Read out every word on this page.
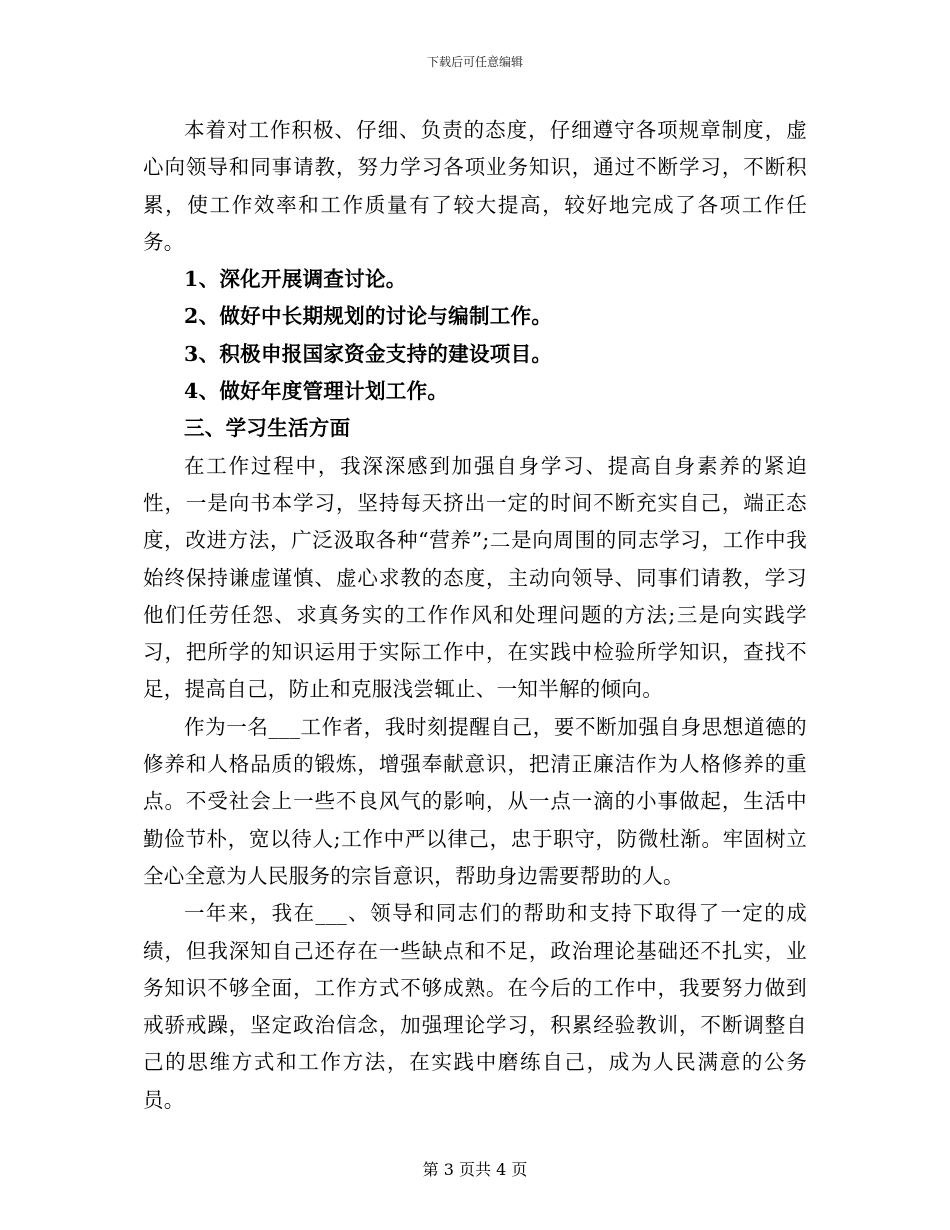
下载后可任意编辑

本着对工作积极、仔细、负责的态度，仔细遵守各项规章制度，虚心向领导和同事请教，努力学习各项业务知识，通过不断学习，不断积累，使工作效率和工作质量有了较大提高，较好地完成了各项工作任务。

1、深化开展调查讨论。

2、做好中长期规划的讨论与编制工作。

3、积极申报国家资金支持的建设项目。

4、做好年度管理计划工作。

三、学习生活方面

在工作过程中，我深深感到加强自身学习、提高自身素养的紧迫性，一是向书本学习，坚持每天挤出一定的时间不断充实自己，端正态度，改进方法，广泛汲取各种“营养”;二是向周围的同志学习，工作中我始终保持谦虚谨慎、虚心求教的态度，主动向领导、同事们请教，学习他们任劳任怨、求真务实的工作作风和处理问题的方法;三是向实践学习，把所学的知识运用于实际工作中，在实践中检验所学知识，查找不足，提高自己，防止和克服浅尝辄止、一知半解的倾向。

作为一名___工作者，我时刻提醒自己，要不断加强自身思想道德的修养和人格品质的锻炼，增强奉献意识，把清正廉洁作为人格修养的重点。不受社会上一些不良风气的影响，从一点一滴的小事做起，生活中勤俭节朴，宽以待人;工作中严以律己，忠于职守，防微杜渐。牢固树立全心全意为人民服务的宗旨意识，帮助身边需要帮助的人。

一年来，我在___、领导和同志们的帮助和支持下取得了一定的成绩，但我深知自己还存在一些缺点和不足，政治理论基础还不扎实，业务知识不够全面，工作方式不够成熟。在今后的工作中，我要努力做到戒骄戒躁，坚定政治信念，加强理论学习，积累经验教训，不断调整自己的思维方式和工作方法，在实践中磨练自己，成为人民满意的公务员。

第 3 页共 4 页
